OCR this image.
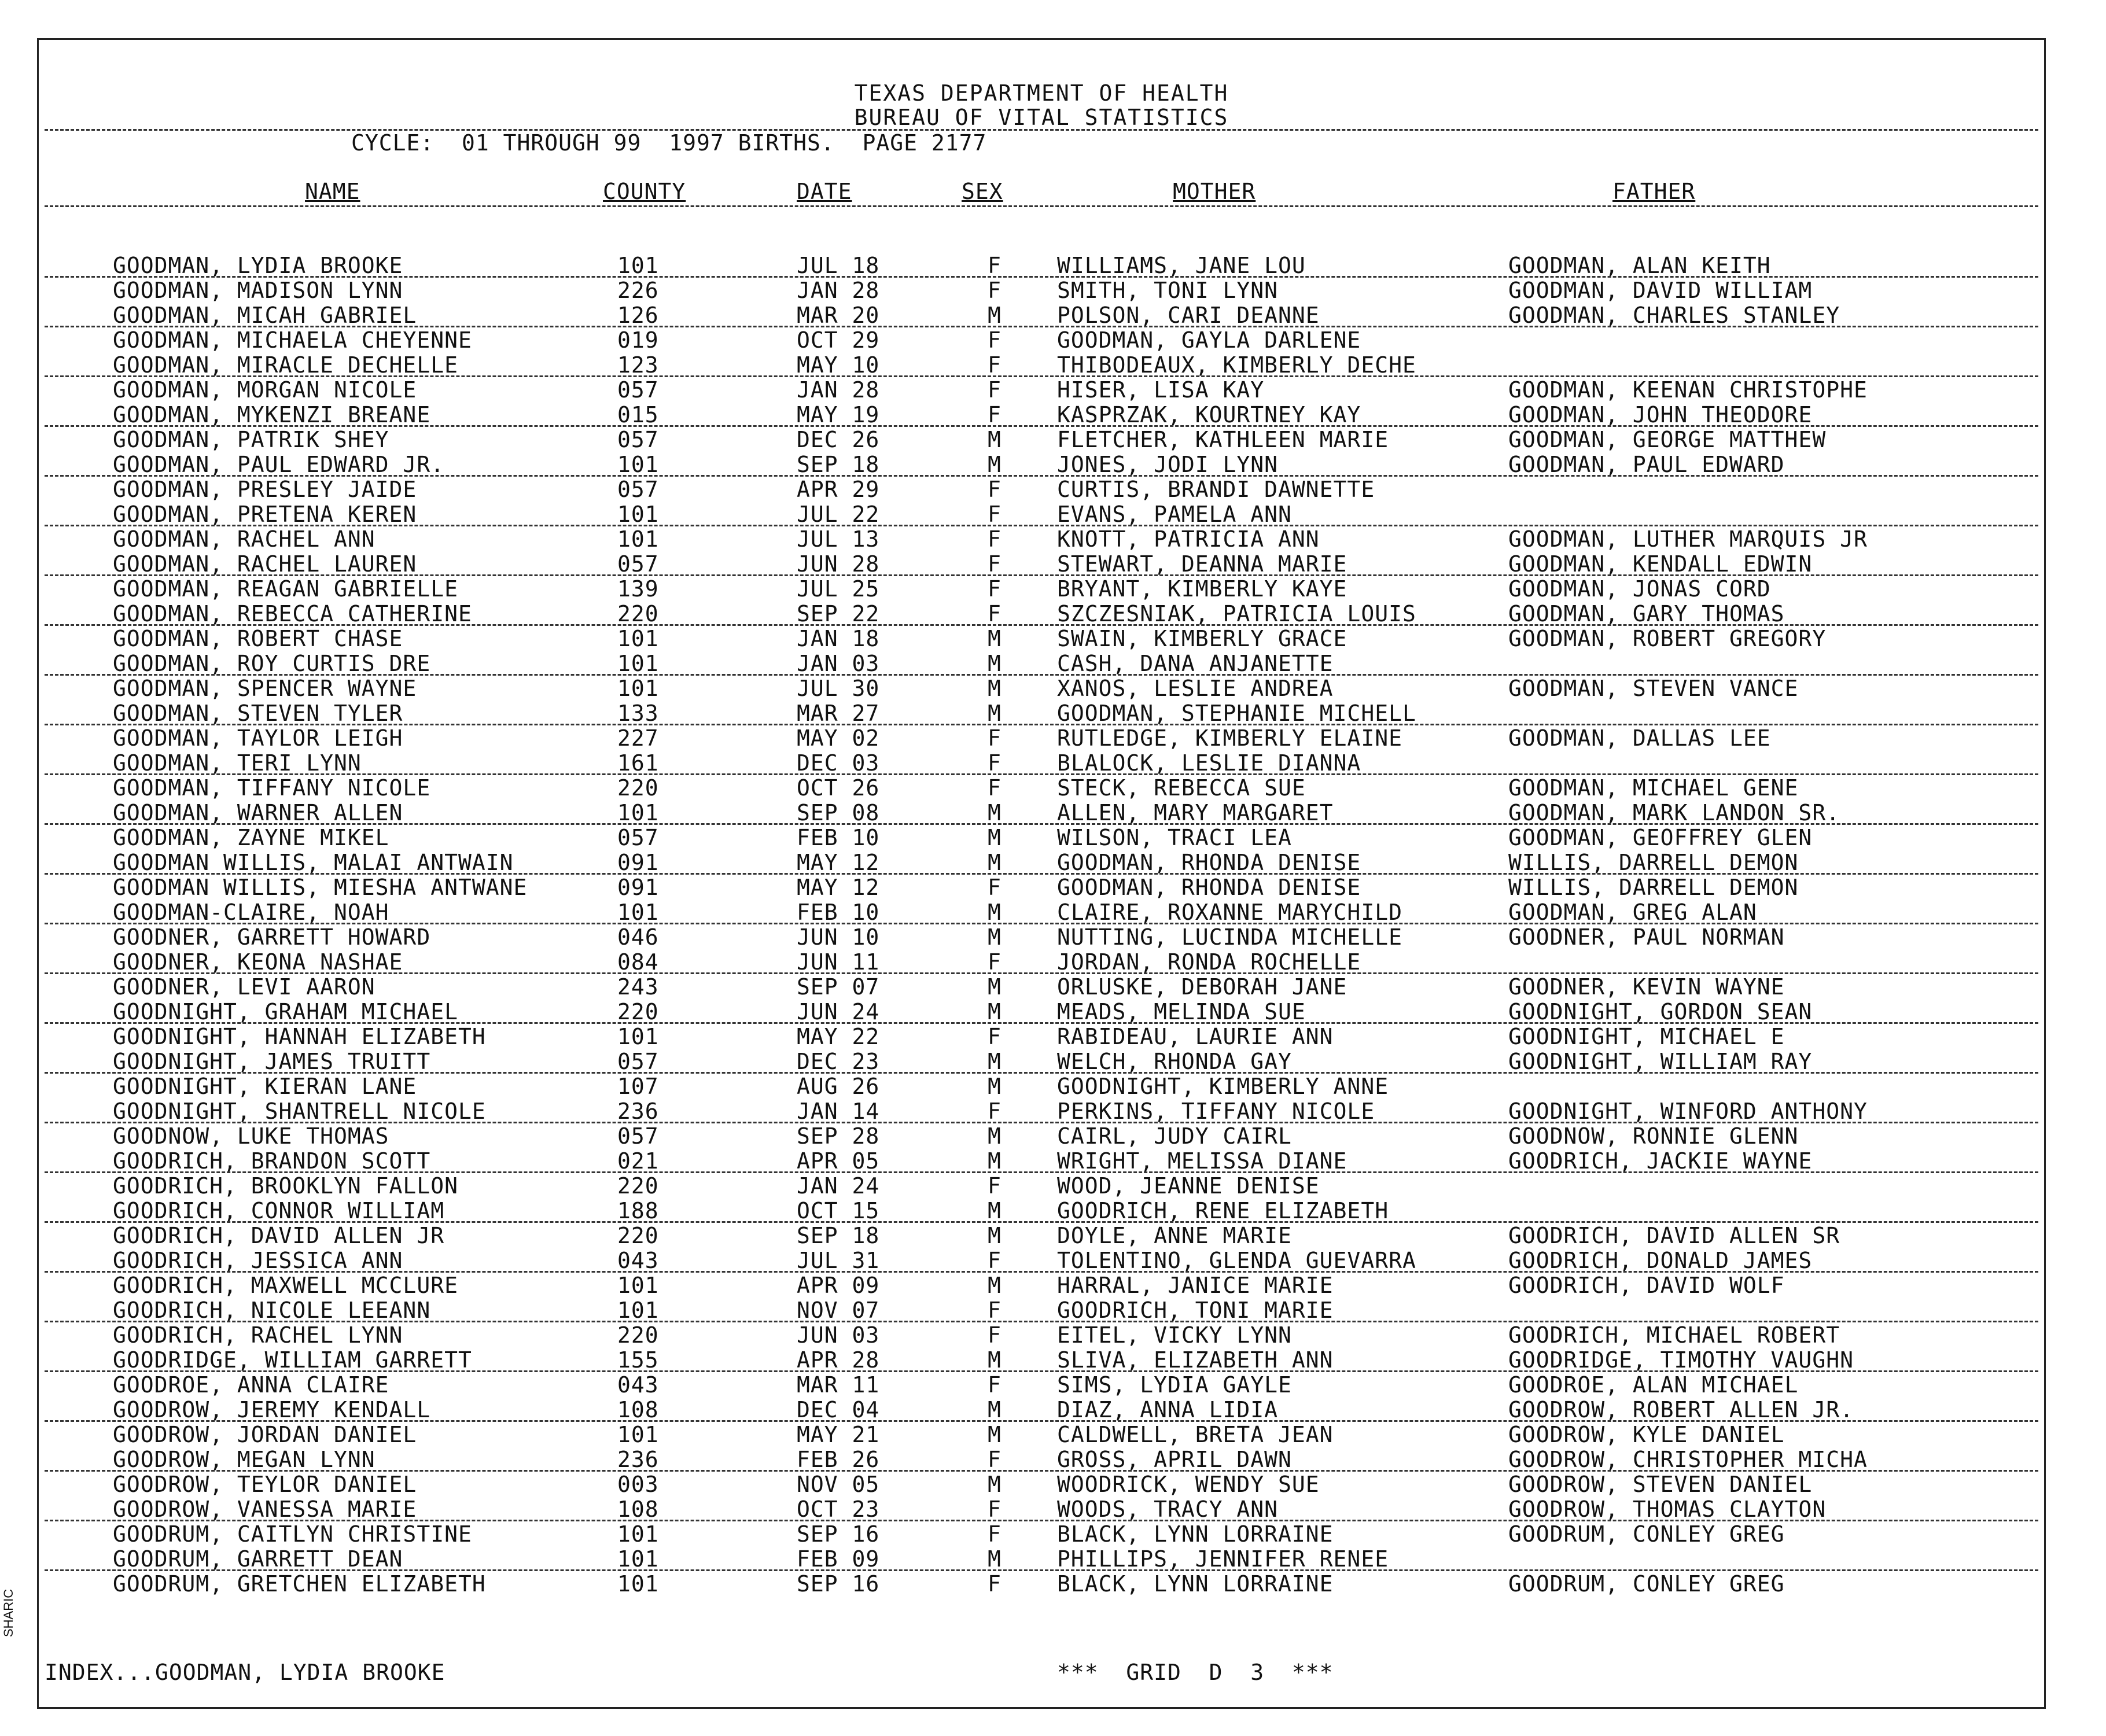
TEXAS DEPARTMENT OF HEALTH
BUREAU OF VITAL STATISTICS
CYCLE:  01 THROUGH 99  1997 BIRTHS.  PAGE 2177
NAME	COUNTY	DATE	SEX	MOTHER	FATHER
GOODMAN, LYDIA BROOKE	101	JUL 18	F	WILLIAMS, JANE LOU	GOODMAN, ALAN KEITH
GOODMAN, MADISON LYNN	226	JAN 28	F	SMITH, TONI LYNN	GOODMAN, DAVID WILLIAM
GOODMAN, MICAH GABRIEL	126	MAR 20	M	POLSON, CARI DEANNE	GOODMAN, CHARLES STANLEY
GOODMAN, MICHAELA CHEYENNE	019	OCT 29	F	GOODMAN, GAYLA DARLENE
GOODMAN, MIRACLE DECHELLE	123	MAY 10	F	THIBODEAUX, KIMBERLY DECHE
GOODMAN, MORGAN NICOLE	057	JAN 28	F	HISER, LISA KAY	GOODMAN, KEENAN CHRISTOPHE
GOODMAN, MYKENZI BREANE	015	MAY 19	F	KASPRZAK, KOURTNEY KAY	GOODMAN, JOHN THEODORE
GOODMAN, PATRIK SHEY	057	DEC 26	M	FLETCHER, KATHLEEN MARIE	GOODMAN, GEORGE MATTHEW
GOODMAN, PAUL EDWARD JR.	101	SEP 18	M	JONES, JODI LYNN	GOODMAN, PAUL EDWARD
GOODMAN, PRESLEY JAIDE	057	APR 29	F	CURTIS, BRANDI DAWNETTE
GOODMAN, PRETENA KEREN	101	JUL 22	F	EVANS, PAMELA ANN
GOODMAN, RACHEL ANN	101	JUL 13	F	KNOTT, PATRICIA ANN	GOODMAN, LUTHER MARQUIS JR
GOODMAN, RACHEL LAUREN	057	JUN 28	F	STEWART, DEANNA MARIE	GOODMAN, KENDALL EDWIN
GOODMAN, REAGAN GABRIELLE	139	JUL 25	F	BRYANT, KIMBERLY KAYE	GOODMAN, JONAS CORD
GOODMAN, REBECCA CATHERINE	220	SEP 22	F	SZCZESNIAK, PATRICIA LOUIS	GOODMAN, GARY THOMAS
GOODMAN, ROBERT CHASE	101	JAN 18	M	SWAIN, KIMBERLY GRACE	GOODMAN, ROBERT GREGORY
GOODMAN, ROY CURTIS DRE	101	JAN 03	M	CASH, DANA ANJANETTE
GOODMAN, SPENCER WAYNE	101	JUL 30	M	XANOS, LESLIE ANDREA	GOODMAN, STEVEN VANCE
GOODMAN, STEVEN TYLER	133	MAR 27	M	GOODMAN, STEPHANIE MICHELL
GOODMAN, TAYLOR LEIGH	227	MAY 02	F	RUTLEDGE, KIMBERLY ELAINE	GOODMAN, DALLAS LEE
GOODMAN, TERI LYNN	161	DEC 03	F	BLALOCK, LESLIE DIANNA
GOODMAN, TIFFANY NICOLE	220	OCT 26	F	STECK, REBECCA SUE	GOODMAN, MICHAEL GENE
GOODMAN, WARNER ALLEN	101	SEP 08	M	ALLEN, MARY MARGARET	GOODMAN, MARK LANDON SR.
GOODMAN, ZAYNE MIKEL	057	FEB 10	M	WILSON, TRACI LEA	GOODMAN, GEOFFREY GLEN
GOODMAN WILLIS, MALAI ANTWAIN	091	MAY 12	M	GOODMAN, RHONDA DENISE	WILLIS, DARRELL DEMON
GOODMAN WILLIS, MIESHA ANTWANE	091	MAY 12	F	GOODMAN, RHONDA DENISE	WILLIS, DARRELL DEMON
GOODMAN-CLAIRE, NOAH	101	FEB 10	M	CLAIRE, ROXANNE MARYCHILD	GOODMAN, GREG ALAN
GOODNER, GARRETT HOWARD	046	JUN 10	M	NUTTING, LUCINDA MICHELLE	GOODNER, PAUL NORMAN
GOODNER, KEONA NASHAE	084	JUN 11	F	JORDAN, RONDA ROCHELLE
GOODNER, LEVI AARON	243	SEP 07	M	ORLUSKE, DEBORAH JANE	GOODNER, KEVIN WAYNE
GOODNIGHT, GRAHAM MICHAEL	220	JUN 24	M	MEADS, MELINDA SUE	GOODNIGHT, GORDON SEAN
GOODNIGHT, HANNAH ELIZABETH	101	MAY 22	F	RABIDEAU, LAURIE ANN	GOODNIGHT, MICHAEL E
GOODNIGHT, JAMES TRUITT	057	DEC 23	M	WELCH, RHONDA GAY	GOODNIGHT, WILLIAM RAY
GOODNIGHT, KIERAN LANE	107	AUG 26	M	GOODNIGHT, KIMBERLY ANNE
GOODNIGHT, SHANTRELL NICOLE	236	JAN 14	F	PERKINS, TIFFANY NICOLE	GOODNIGHT, WINFORD ANTHONY
GOODNOW, LUKE THOMAS	057	SEP 28	M	CAIRL, JUDY CAIRL	GOODNOW, RONNIE GLENN
GOODRICH, BRANDON SCOTT	021	APR 05	M	WRIGHT, MELISSA DIANE	GOODRICH, JACKIE WAYNE
GOODRICH, BROOKLYN FALLON	220	JAN 24	F	WOOD, JEANNE DENISE
GOODRICH, CONNOR WILLIAM	188	OCT 15	M	GOODRICH, RENE ELIZABETH
GOODRICH, DAVID ALLEN JR	220	SEP 18	M	DOYLE, ANNE MARIE	GOODRICH, DAVID ALLEN SR
GOODRICH, JESSICA ANN	043	JUL 31	F	TOLENTINO, GLENDA GUEVARRA	GOODRICH, DONALD JAMES
GOODRICH, MAXWELL MCCLURE	101	APR 09	M	HARRAL, JANICE MARIE	GOODRICH, DAVID WOLF
GOODRICH, NICOLE LEEANN	101	NOV 07	F	GOODRICH, TONI MARIE
GOODRICH, RACHEL LYNN	220	JUN 03	F	EITEL, VICKY LYNN	GOODRICH, MICHAEL ROBERT
GOODRIDGE, WILLIAM GARRETT	155	APR 28	M	SLIVA, ELIZABETH ANN	GOODRIDGE, TIMOTHY VAUGHN
GOODROE, ANNA CLAIRE	043	MAR 11	F	SIMS, LYDIA GAYLE	GOODROE, ALAN MICHAEL
GOODROW, JEREMY KENDALL	108	DEC 04	M	DIAZ, ANNA LIDIA	GOODROW, ROBERT ALLEN JR.
GOODROW, JORDAN DANIEL	101	MAY 21	M	CALDWELL, BRETA JEAN	GOODROW, KYLE DANIEL
GOODROW, MEGAN LYNN	236	FEB 26	F	GROSS, APRIL DAWN	GOODROW, CHRISTOPHER MICHA
GOODROW, TEYLOR DANIEL	003	NOV 05	M	WOODRICK, WENDY SUE	GOODROW, STEVEN DANIEL
GOODROW, VANESSA MARIE	108	OCT 23	F	WOODS, TRACY ANN	GOODROW, THOMAS CLAYTON
GOODRUM, CAITLYN CHRISTINE	101	SEP 16	F	BLACK, LYNN LORRAINE	GOODRUM, CONLEY GREG
GOODRUM, GARRETT DEAN	101	FEB 09	M	PHILLIPS, JENNIFER RENEE
GOODRUM, GRETCHEN ELIZABETH	101	SEP 16	F	BLACK, LYNN LORRAINE	GOODRUM, CONLEY GREG
INDEX...GOODMAN, LYDIA BROOKE	***  GRID  D  3  ***
SHARIC
